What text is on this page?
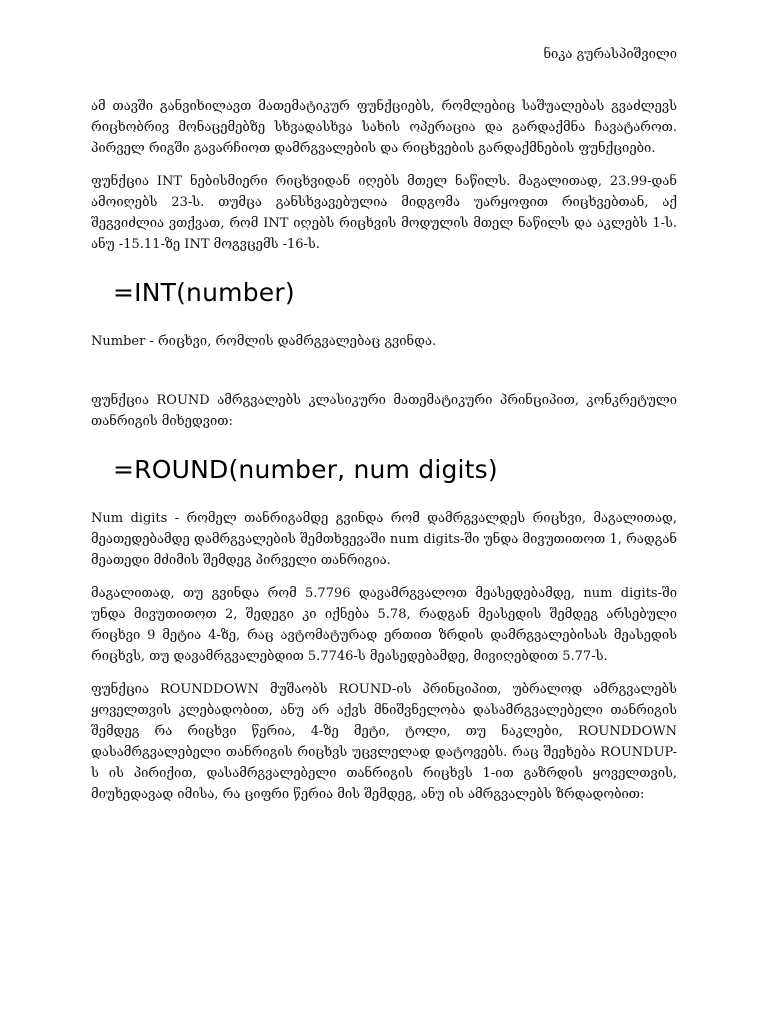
ნიკა გურასპიშვილი

ამ თავში განვიხილავთ მათემატიკურ ფუნქციებს, რომლებიც საშუალებას გვაძლევს რიცხობრივ მონაცემებზე სხვადასხვა სახის ოპერაცია და გარდაქმნა ჩავატაროთ. პირველ რიგში გავარჩიოთ დამრგვალების და რიცხვების გარდაქმნების ფუნქციები.

ფუნქცია INT ნებისმიერი რიცხვიდან იღებს მთელ ნაწილს. მაგალითად, 23.99-დან ამოიღებს 23-ს. თუმცა განსხვავებულია მიდგომა უარყოფით რიცხვებთან, აქ შეგვიძლია ვთქვათ, რომ INT იღებს რიცხვის მოდულის მთელ ნაწილს და აკლებს 1-ს. ანუ -15.11-ზე INT მოგვცემს -16-ს.

=INT(number)

Number - რიცხვი, რომლის დამრგვალებაც გვინდა.

ფუნქცია ROUND ამრგვალებს კლასიკური მათემატიკური პრინციპით, კონკრეტული თანრიგის მიხედვით:

=ROUND(number, num digits)

Num digits - რომელ თანრიგამდე გვინდა რომ დამრგვალდეს რიცხვი, მაგალითად, მეათედებამდე დამრგვალების შემთხვევაში num digits-ში უნდა მივუთითოთ 1, რადგან მეათედი მძიმის შემდეგ პირველი თანრიგია.

მაგალითად, თუ გვინდა რომ 5.7796 დავამრგვალოთ მეასედებამდე, num digits-ში უნდა მივუთითოთ 2, შედეგი კი იქნება 5.78, რადგან მეასედის შემდეგ არსებული რიცხვი 9 მეტია 4-ზე, რაც ავტომატურად ერთით ზრდის დამრგვალებისას მეასედის რიცხვს, თუ დავამრგვალებდით 5.7746-ს მეასედებამდე, მივიღებდით 5.77-ს.

ფუნქცია ROUNDDOWN მუშაობს ROUND-ის პრინციპით, უბრალოდ ამრგვალებს ყოველთვის კლებადობით, ანუ არ აქვს მნიშვნელობა დასამრგვალებელი თანრიგის შემდეგ რა რიცხვი წერია, 4-ზე მეტი, ტოლი, თუ ნაკლები, ROUNDDOWN დასამრგვალებელი თანრიგის რიცხვს უცვლელად დატოვებს. რაც შეეხება ROUNDUP-ს ის პირიქით, დასამრგვალებელი თანრიგის რიცხვს 1-ით გაზრდის ყოველთვის, მიუხედავად იმისა, რა ციფრი წერია მის შემდეგ, ანუ ის ამრგვალებს ზრდადობით:
